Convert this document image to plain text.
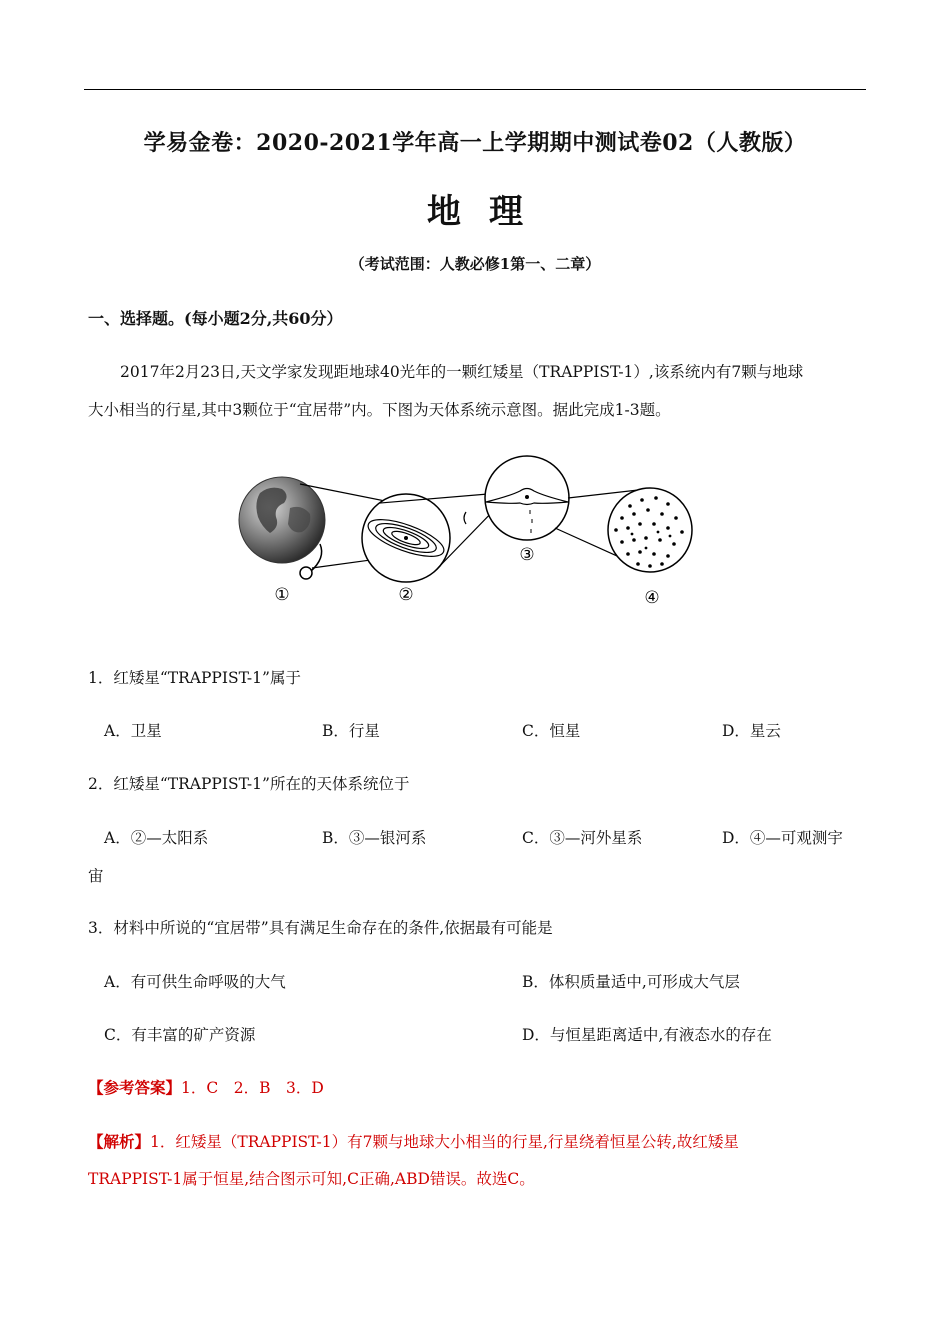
学易金卷：2020-2021学年高一上学期期中测试卷02（人教版）
地理
（考试范围：人教必修1第一、二章）
一、选择题。(每小题2分,共60分）
2017年2月23日,天文学家发现距地球40光年的一颗红矮星（TRAPPIST-1）,该系统内有7颗与地球
大小相当的行星,其中3颗位于“宜居带”内。下图为天体系统示意图。据此完成1-3题。
①	②
③
④
1．红矮星“TRAPPIST-1”属于
A．卫星	B．行星	C．恒星	D．星云
2．红矮星“TRAPPIST-1”所在的天体系统位于
A．②—太阳系	B．③—银河系	C．③—河外星系	D．④—可观测宇
宙
3．材料中所说的“宜居带”具有满足生命存在的条件,依据最有可能是
A．有可供生命呼吸的大气	B．体积质量适中,可形成大气层
C．有丰富的矿产资源	D．与恒星距离适中,有液态水的存在
【参考答案】1．C　2．B　3．D
【解析】1．红矮星（TRAPPIST-1）有7颗与地球大小相当的行星,行星绕着恒星公转,故红矮星
TRAPPIST-1属于恒星,结合图示可知,C正确,ABD错误。故选C。
